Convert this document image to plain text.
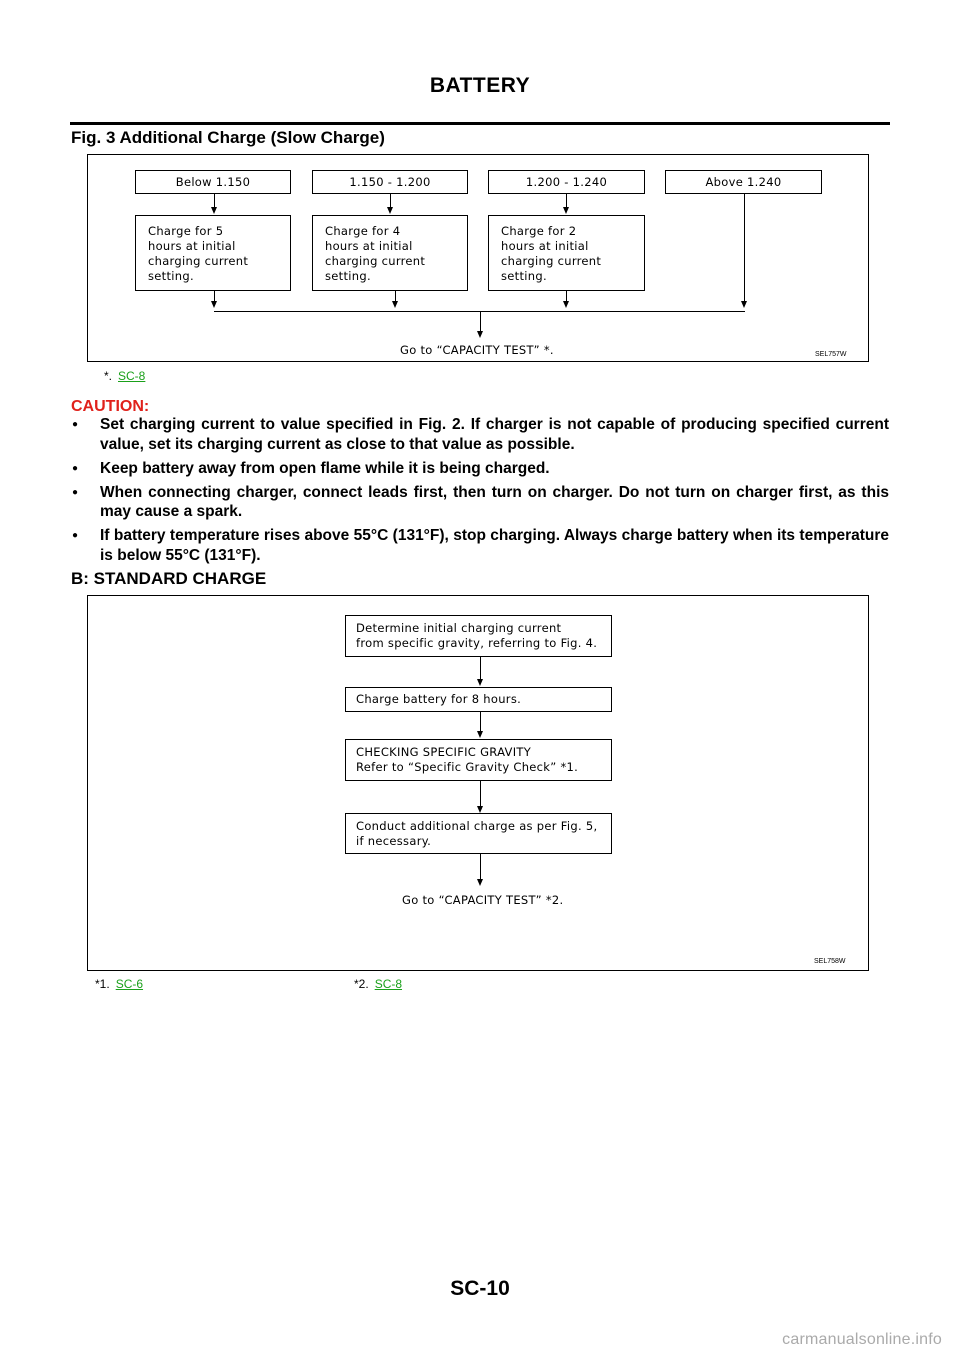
BATTERY
Fig. 3 Additional Charge (Slow Charge)
Below 1.150	1.150 - 1.200	1.200 - 1.240	Above 1.240
Charge for 5
hours at initial
charging current
setting.
Charge for 4
hours at initial
charging current
setting.
Charge for 2
hours at initial
charging current
setting.
Go to “CAPACITY TEST” *.	SEL757W
*. SC-8
CAUTION:
● Set charging current to value specified in Fig. 2. If charger is not capable of producing specified current value, set its charging current as close to that value as possible.
● Keep battery away from open flame while it is being charged.
● When connecting charger, connect leads first, then turn on charger. Do not turn on charger first, as this may cause a spark.
● If battery temperature rises above 55°C (131°F), stop charging. Always charge battery when its temperature is below 55°C (131°F).
B: STANDARD CHARGE
Determine initial charging current
from specific gravity, referring to Fig. 4.
Charge battery for 8 hours.
CHECKING SPECIFIC GRAVITY
Refer to “Specific Gravity Check” *1.
Conduct additional charge as per Fig. 5,
if necessary.
Go to “CAPACITY TEST” *2.
SEL758W
*1. SC-6	*2. SC-8
SC-10
carmanualsonline.info
